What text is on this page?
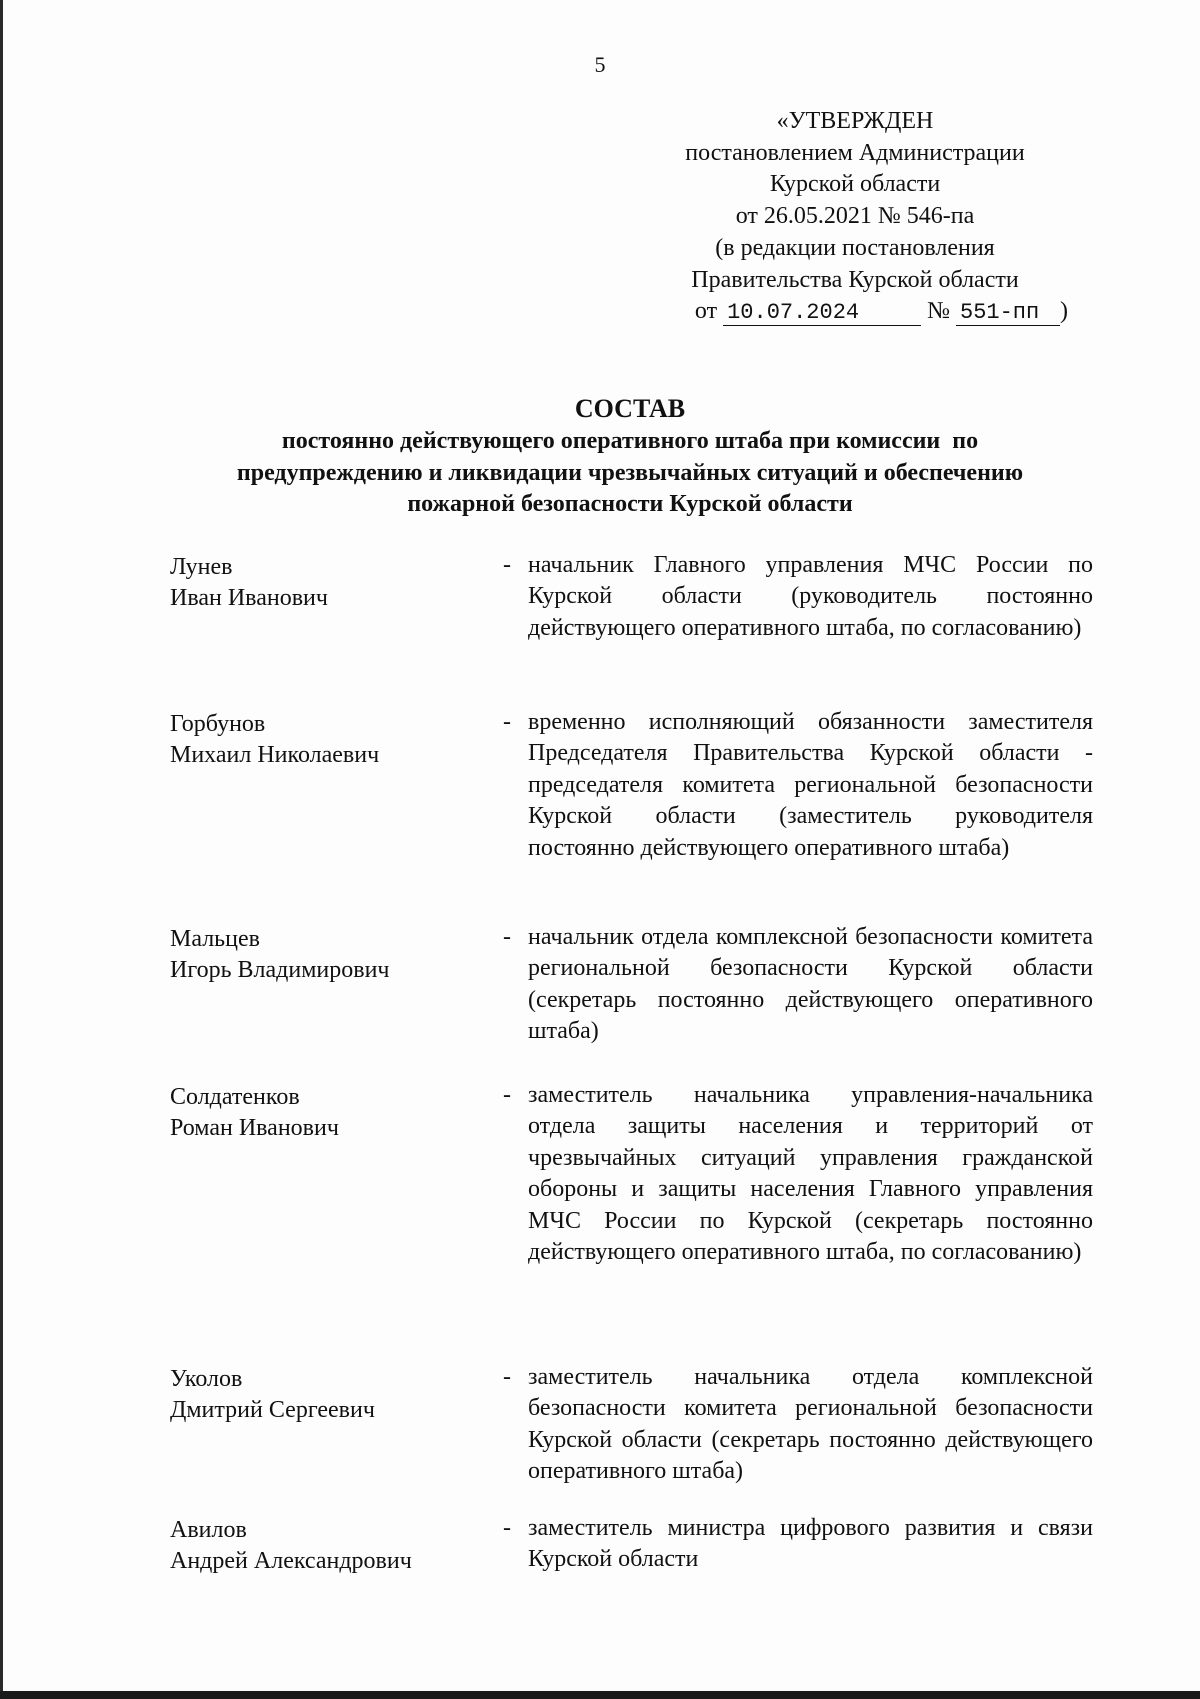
5
«УТВЕРЖДЕН
постановлением Администрации
Курской области
от 26.05.2021 № 546-па
(в редакции постановления
Правительства Курской области
от 10.07.2024	№ 551-пп )

СОСТАВ

постоянно действующего оперативного штаба при комиссии  по
предупреждению и ликвидации чрезвычайных ситуаций и обеспечению
пожарной безопасности Курской области

Лунев
Иван Иванович
- начальник Главного управления МЧС России по Курской области (руководитель постоянно действующего оперативного штаба, по согласованию)
Горбунов
Михаил Николаевич
- временно исполняющий обязанности заместителя Председателя Правительства Курской области - председателя комитета региональной безопасности Курской области (заместитель руководителя постоянно действующего оперативного штаба)
Мальцев
Игорь Владимирович
- начальник отдела комплексной безопасности комитета региональной безопасности Курской области (секретарь постоянно действующего оперативного штаба)
Солдатенков
Роман Иванович
- заместитель начальника управления-начальника отдела защиты населения и территорий от чрезвычайных ситуаций управления гражданской обороны и защиты населения Главного управления МЧС России по Курской (секретарь постоянно действующего оперативного штаба, по согласованию)
Уколов
Дмитрий Сергеевич
- заместитель начальника отдела комплексной безопасности комитета региональной безопасности Курской области (секретарь постоянно действующего оперативного штаба)
Авилов
Андрей Александрович
- заместитель министра цифрового развития и связи Курской области
